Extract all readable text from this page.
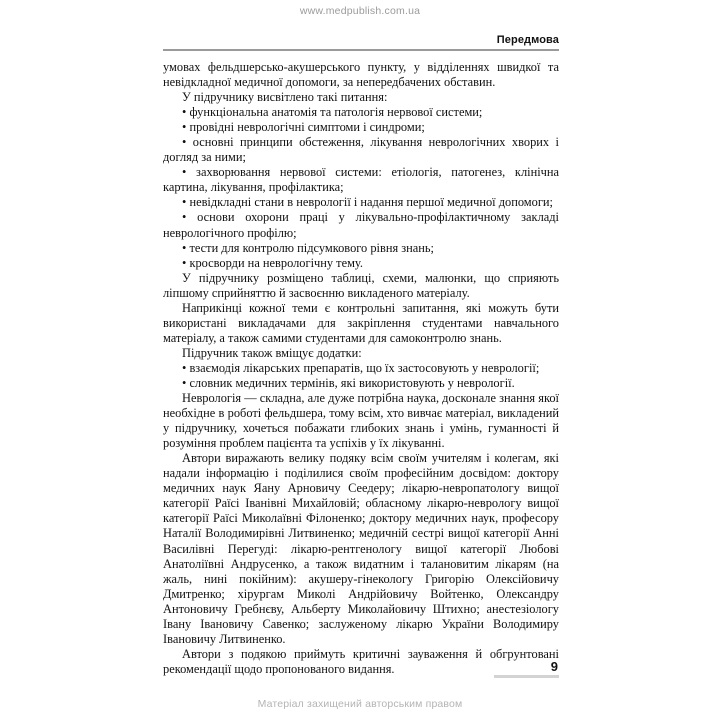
www.medpublish.com.ua
Передмова

умовах фельдшерсько-акушерського пункту, у відділеннях швидкої та невідкладної медичної допомоги, за непередбачених обставин.

У підручнику висвітлено такі питання:

• функціональна анатомія та патологія нервової системи;

• провідні неврологічні симптоми і синдроми;

• основні принципи обстеження, лікування неврологічних хворих і догляд за ними;

• захворювання нервової системи: етіологія, патогенез, клінічна картина, лікування, профілактика;

• невідкладні стани в неврології і надання першої медичної допомоги;

• основи охорони праці у лікувально-профілактичному закладі неврологічного профілю;

• тести для контролю підсумкового рівня знань;

• кросворди на неврологічну тему.

У підручнику розміщено таблиці, схеми, малюнки, що сприяють ліпшому сприйняттю й засвоєнню викладеного матеріалу.

Наприкінці кожної теми є контрольні запитання, які можуть бути використані викладачами для закріплення студентами навчального матеріалу, а також самими студентами для самоконтролю знань.

Підручник також вміщує додатки:

• взаємодія лікарських препаратів, що їх застосовують у неврології;

• словник медичних термінів, які використовують у неврології.

Неврологія — складна, але дуже потрібна наука, досконале знання якої необхідне в роботі фельдшера, тому всім, хто вивчає матеріал, викладений у підручнику, хочеться побажати глибоких знань і умінь, гуманності й розуміння проблем пацієнта та успіхів у їх лікуванні.

Автори виражають велику подяку всім своїм учителям і колегам, які надали інформацію і поділилися своїм професійним досвідом: доктору медичних наук Яану Арновичу Сеедеру; лікарю-невропатологу вищої категорії Раїсі Іванівні Михайловій; обласному лікарю-неврологу вищої категорії Раїсі Миколаївні Філоненко; доктору медичних наук, професору Наталії Володимирівні Литвиненко; медичній сестрі вищої категорії Анні Василівні Перегуді: лікарю-рентгенологу вищої категорії Любові Анатоліївні Андрусенко, а також видатним і талановитим лікарям (на жаль, нині покійним): акушеру-гінекологу Григорію Олексійовичу Дмитренко; хірургам Миколі Андрійовичу Войтенко, Олександру Антоновичу Гребнєву, Альберту Миколайовичу Штихно; анестезіологу Івану Івановичу Савенко; заслуженому лікарю України Володимиру Івановичу Литвиненко.

Автори з подякою приймуть критичні зауваження й обгрунтовані рекомендації щодо пропонованого видання.	9
Матеріал захищений авторським правом
